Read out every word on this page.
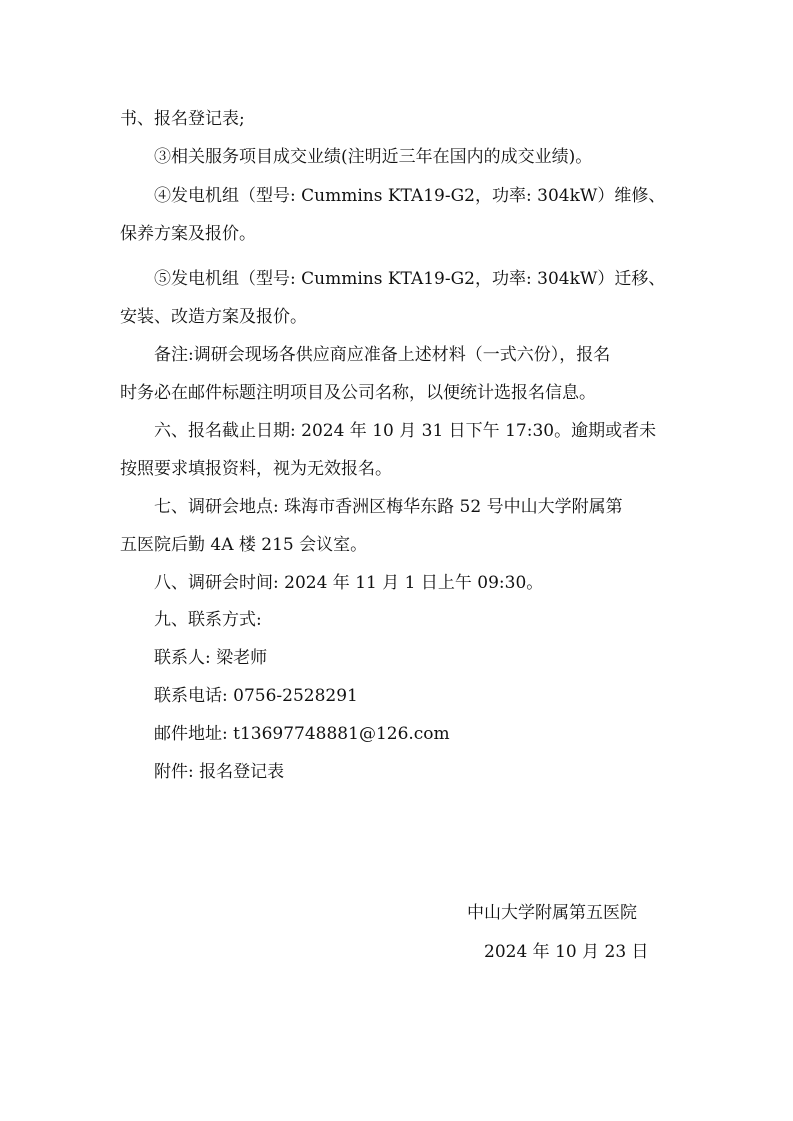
书、报名登记表;
③相关服务项目成交业绩(注明近三年在国内的成交业绩)。
④发电机组（型号: Cummins KTA19-G2，功率: 304kW）维修、
保养方案及报价。
⑤发电机组（型号: Cummins KTA19-G2，功率: 304kW）迁移、
安装、改造方案及报价。
备注:调研会现场各供应商应准备上述材料（一式六份），报名
时务必在邮件标题注明项目及公司名称，以便统计选报名信息。
六、报名截止日期: 2024 年 10 月 31 日下午 17:30。逾期或者未
按照要求填报资料，视为无效报名。
七、调研会地点: 珠海市香洲区梅华东路 52 号中山大学附属第
五医院后勤 4A 楼 215 会议室。
八、调研会时间: 2024 年 11 月 1 日上午 09:30。
九、联系方式:
联系人: 梁老师
联系电话: 0756-2528291
邮件地址: t13697748881@126.com
附件: 报名登记表
中山大学附属第五医院
2024 年 10 月 23 日
